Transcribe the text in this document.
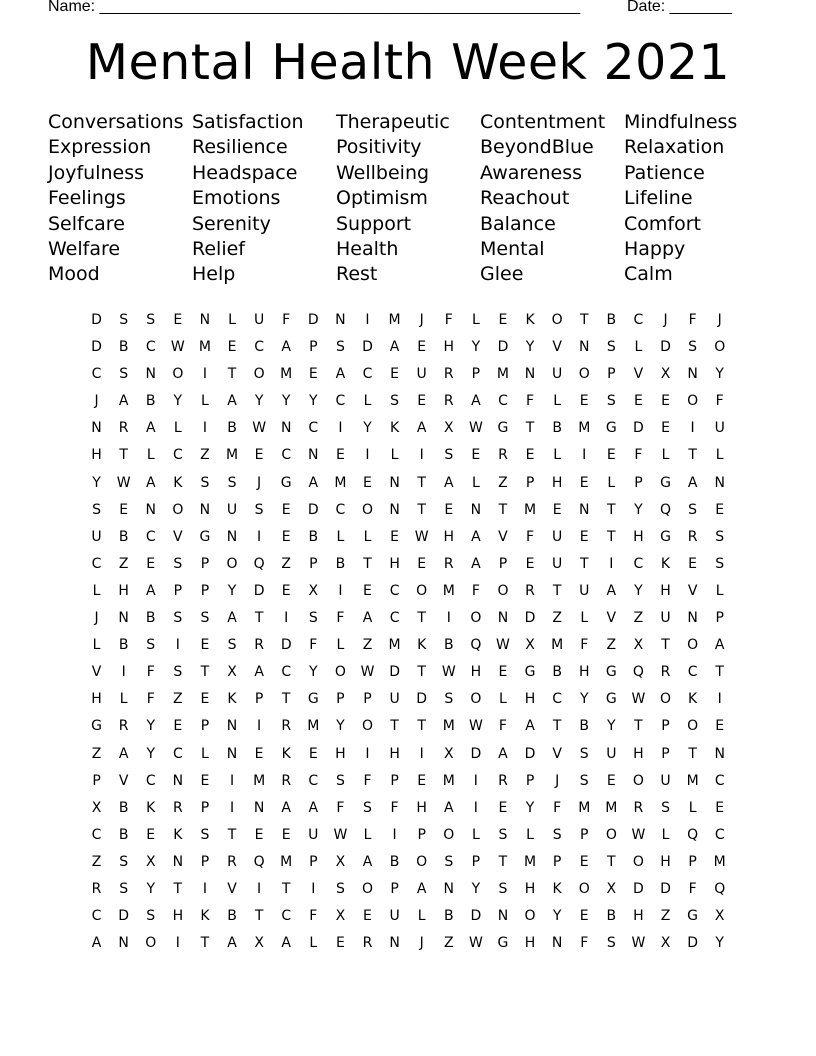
Name: ______________________________________________________	Date: _______
Mental Health Week 2021
Conversations Satisfaction	Therapeutic	Contentment Mindfulness
Expression	Resilience	Positivity	BeyondBlue	Relaxation
Joyfulness	Headspace	Wellbeing	Awareness	Patience
Feelings	Emotions	Optimism	Reachout	Lifeline
Selfcare	Serenity	Support	Balance	Comfort
Welfare	Relief	Health	Mental	Happy
Mood	Help	Rest	Glee	Calm
D	S	S	E	N	L	U	F	D	N	I	M	J	F	L	E	K	O	T	B	C	J	F	J
D	B	C	W	M	E	C	A	P	S	D	A	E	H	Y	D	Y	V	N	S	L	D	S	O
C	S	N	O	I	T	O	M	E	A	C	E	U	R	P	M	N	U	O	P	V	X	N	Y
J	A	B	Y	L	A	Y	Y	Y	C	L	S	E	R	A	C	F	L	E	S	E	E	O	F
N	R	A	L	I	B	W	N	C	I	Y	K	A	X	W	G	T	B	M	G	D	E	I	U
H	T	L	C	Z	M	E	C	N	E	I	L	I	S	E	R	E	L	I	E	F	L	T	L
Y	W	A	K	S	S	J	G	A	M	E	N	T	A	L	Z	P	H	E	L	P	G	A	N
S	E	N	O	N	U	S	E	D	C	O	N	T	E	N	T	M	E	N	T	Y	Q	S	E
U	B	C	V	G	N	I	E	B	L	L	E	W	H	A	V	F	U	E	T	H	G	R	S
C	Z	E	S	P	O	Q	Z	P	B	T	H	E	R	A	P	E	U	T	I	C	K	E	S
L	H	A	P	P	Y	D	E	X	I	E	C	O	M	F	O	R	T	U	A	Y	H	V	L
J	N	B	S	S	A	T	I	S	F	A	C	T	I	O	N	D	Z	L	V	Z	U	N	P
L	B	S	I	E	S	R	D	F	L	Z	M	K	B	Q	W	X	M	F	Z	X	T	O	A
V	I	F	S	T	X	A	C	Y	O	W	D	T	W	H	E	G	B	H	G	Q	R	C	T
H	L	F	Z	E	K	P	T	G	P	P	U	D	S	O	L	H	C	Y	G	W	O	K	I
G	R	Y	E	P	N	I	R	M	Y	O	T	T	M	W	F	A	T	B	Y	T	P	O	E
Z	A	Y	C	L	N	E	K	E	H	I	H	I	X	D	A	D	V	S	U	H	P	T	N
P	V	C	N	E	I	M	R	C	S	F	P	E	M	I	R	P	J	S	E	O	U	M	C
X	B	K	R	P	I	N	A	A	F	S	F	H	A	I	E	Y	F	M	M	R	S	L	E
C	B	E	K	S	T	E	E	U	W	L	I	P	O	L	S	L	S	P	O	W	L	Q	C
Z	S	X	N	P	R	Q	M	P	X	A	B	O	S	P	T	M	P	E	T	O	H	P	M
R	S	Y	T	I	V	I	T	I	S	O	P	A	N	Y	S	H	K	O	X	D	D	F	Q
C	D	S	H	K	B	T	C	F	X	E	U	L	B	D	N	O	Y	E	B	H	Z	G	X
A	N	O	I	T	A	X	A	L	E	R	N	J	Z	W	G	H	N	F	S	W	X	D	Y
